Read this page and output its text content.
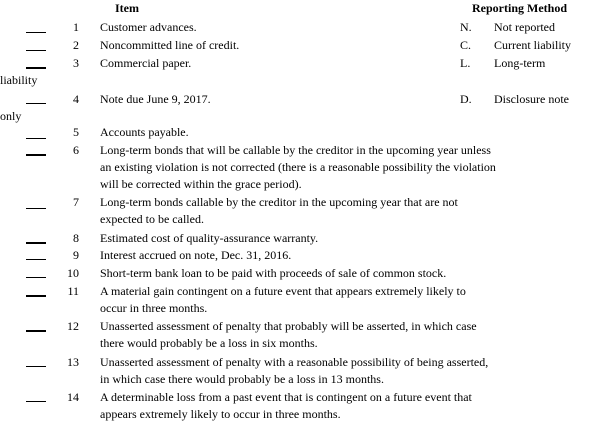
Item	Reporting Method
N. Not reported
C. Current liability
L. Long-term
liability
D. Disclosure note
only
1 Customer advances.
2 Noncommitted line of credit.
3 Commercial paper.
4 Note due June 9, 2017.
5 Accounts payable.
6 Long-term bonds that will be callable by the creditor in the upcoming year unless
an existing violation is not corrected (there is a reasonable possibility the violation
will be corrected within the grace period).
7 Long-term bonds callable by the creditor in the upcoming year that are not
expected to be called.
8 Estimated cost of quality-assurance warranty.
9 Interest accrued on note, Dec. 31, 2016.
10 Short-term bank loan to be paid with proceeds of sale of common stock.
11 A material gain contingent on a future event that appears extremely likely to
occur in three months.
12 Unasserted assessment of penalty that probably will be asserted, in which case
there would probably be a loss in six months.
13 Unasserted assessment of penalty with a reasonable possibility of being asserted,
in which case there would probably be a loss in 13 months.
14 A determinable loss from a past event that is contingent on a future event that
appears extremely likely to occur in three months.
